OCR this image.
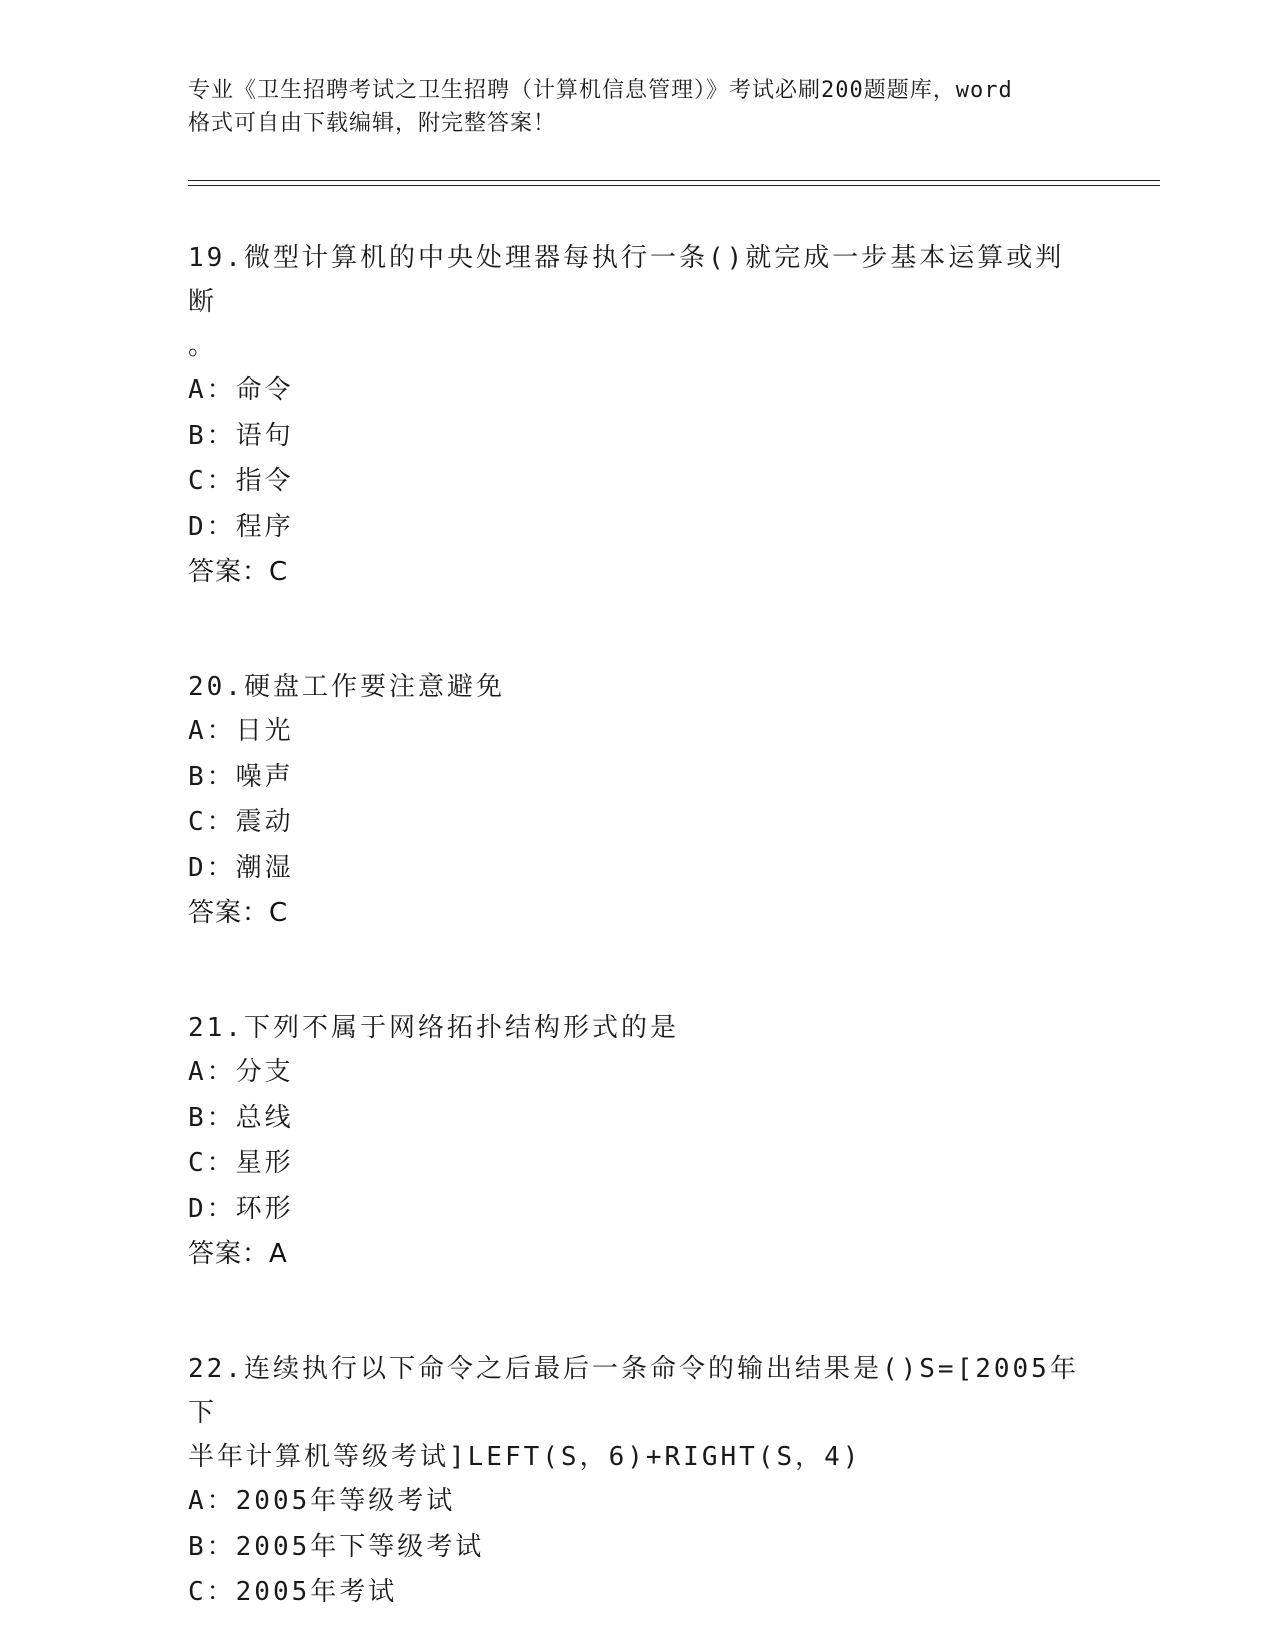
专业《卫生招聘考试之卫生招聘（计算机信息管理）》考试必刷200题题库，word
格式可自由下载编辑，附完整答案！
19.微型计算机的中央处理器每执行一条()就完成一步基本运算或判断
。
A：命令
B：语句
C：指令
D：程序
答案：C
20.硬盘工作要注意避免
A：日光
B：噪声
C：震动
D：潮湿
答案：C
21.下列不属于网络拓扑结构形式的是
A：分支
B：总线
C：星形
D：环形
答案：A
22.连续执行以下命令之后最后一条命令的输出结果是()S=[2005年下
半年计算机等级考试]LEFT(S，6)+RIGHT(S，4)
A：2005年等级考试
B：2005年下等级考试
C：2005年考试
